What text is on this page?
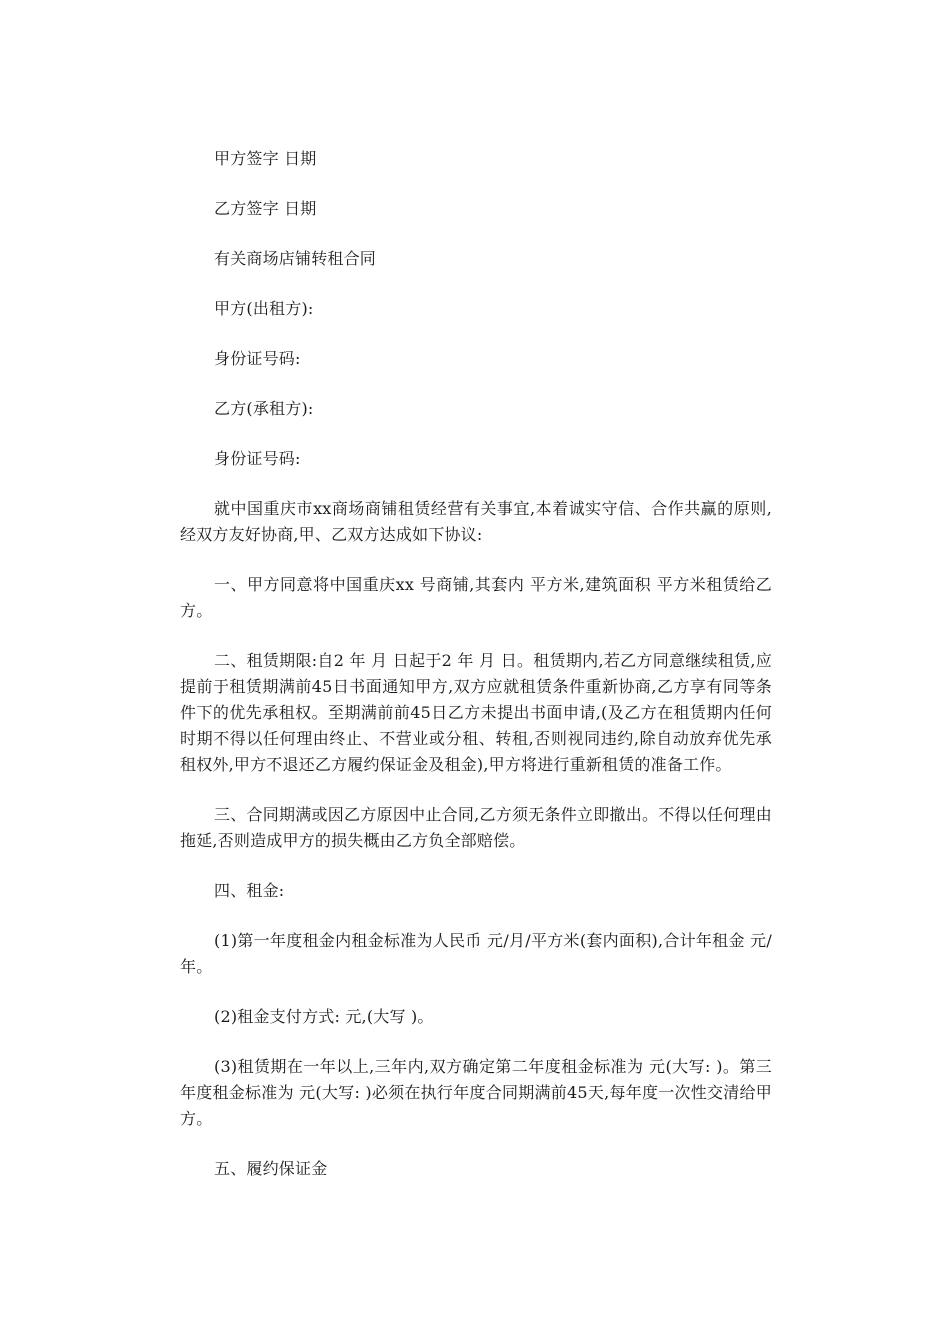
甲方签字 日期

乙方签字 日期

有关商场店铺转租合同

甲方(出租方):

身份证号码:

乙方(承租方):

身份证号码:

就中国重庆市xx商场商铺租赁经营有关事宜,本着诚实守信、合作共赢的原则,经双方友好协商,甲、乙双方达成如下协议:

一、甲方同意将中国重庆xx 号商铺,其套内 平方米,建筑面积 平方米租赁给乙方。

二、租赁期限:自2 年 月 日起于2 年 月 日。租赁期内,若乙方同意继续租赁,应提前于租赁期满前45日书面通知甲方,双方应就租赁条件重新协商,乙方享有同等条件下的优先承租权。至期满前前45日乙方未提出书面申请,(及乙方在租赁期内任何时期不得以任何理由终止、不营业或分租、转租,否则视同违约,除自动放弃优先承租权外,甲方不退还乙方履约保证金及租金),甲方将进行重新租赁的准备工作。

三、合同期满或因乙方原因中止合同,乙方须无条件立即撤出。不得以任何理由拖延,否则造成甲方的损失概由乙方负全部赔偿。

四、租金:

(1)第一年度租金内租金标准为人民币 元/月/平方米(套内面积),合计年租金 元/年。

(2)租金支付方式: 元,(大写 )。

(3)租赁期在一年以上,三年内,双方确定第二年度租金标准为 元(大写: )。第三年度租金标准为 元(大写: )必须在执行年度合同期满前45天,每年度一次性交清给甲方。

五、履约保证金
